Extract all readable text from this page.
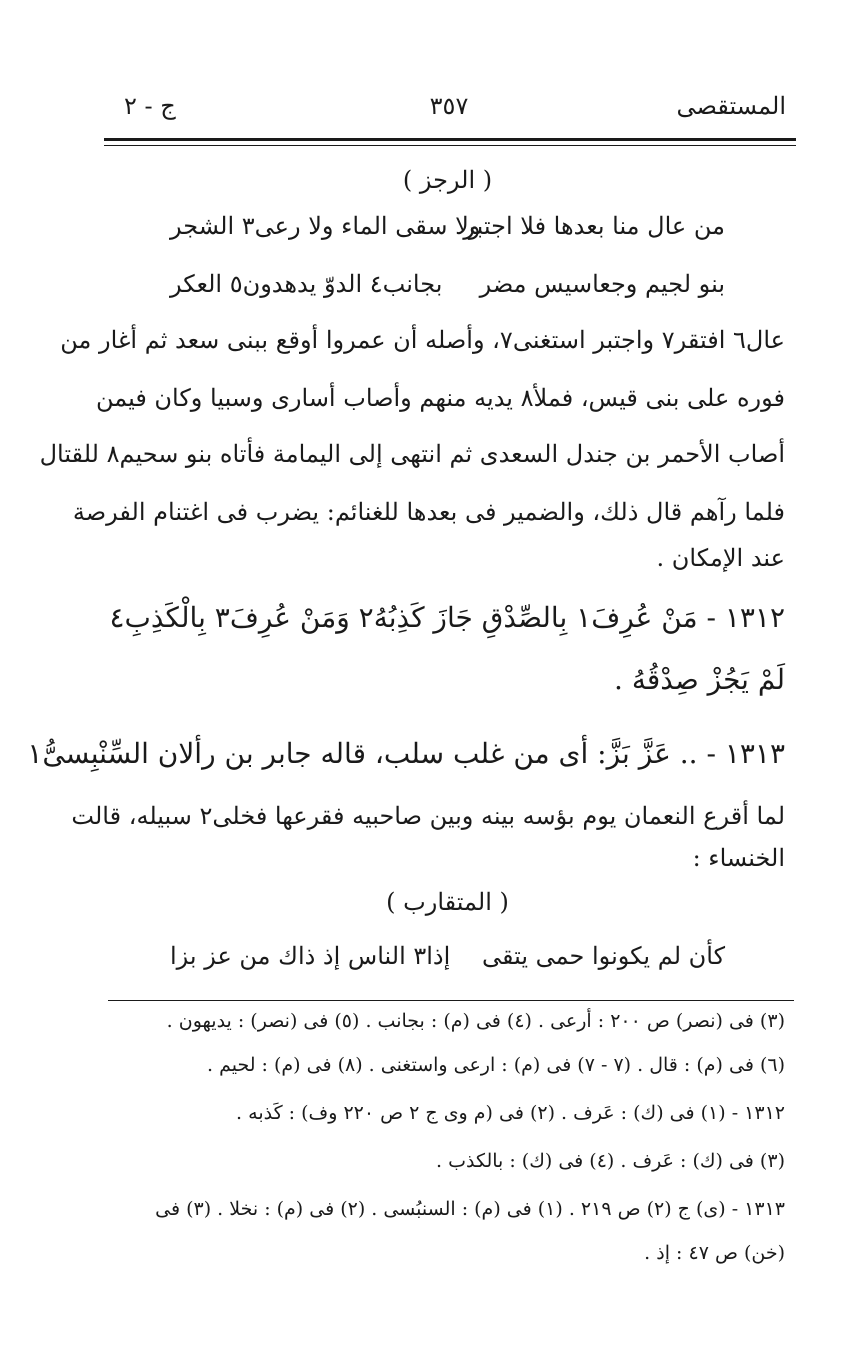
المستقصى
٣٥٧
ج - ٢
( الرجز )
من عال منا بعدها فلا اجتبر
ولا سقى الماء ولا رعى٣ الشجر
بنو لجيم وجعاسيس مضر
بجانب٤ الدوّ يدهدون٥ العكر
عال٦ افتقر٧ واجتبر استغنى٧، وأصله أن عمروا أوقع ببنى سعد ثم أغار من
فوره على بنى قيس، فملأ٨ يديه منهم وأصاب أسارى وسبيا وكان فيمن
أصاب الأحمر بن جندل السعدى ثم انتهى إلى اليمامة فأتاه بنو سحيم٨ للقتال
فلما رآهم قال ذلك، والضمير فى بعدها للغنائم: يضرب فى اغتنام الفرصة
عند الإمكان .
١٣١٢ - مَنْ عُرِفَ١ بِالصِّدْقِ جَازَ كَذِبُهُ٢ وَمَنْ عُرِفَ٣ بِالْكَذِبِ٤
لَمْ يَجُزْ صِدْقُهُ .
١٣١٣ - .. عَزَّ بَزَّ: أى من غلب سلب، قاله جابر بن رألان السِّنْبِسىُّ١
لما أقرع النعمان يوم بؤسه بينه وبين صاحبيه فقرعها فخلى٢ سبيله، قالت
الخنساء :
( المتقارب )
كأن لم يكونوا حمى يتقى
إذا٣ الناس إذ ذاك من عز بزا
(٣) فى (نصر) ص ٢٠٠ : أرعى . (٤) فى (م) : بجانب . (٥) فى (نصر) : يديهون .
(٦) فى (م) : قال . (٧ - ٧) فى (م) : ارعى واستغنى . (٨) فى (م) : لحيم .
١٣١٢ - (١) فى (ك) : عَرف . (٢) فى (م وى ج ٢ ص ٢٢٠ وف) : كَذبه .
(٣) فى (ك) : عَرف . (٤) فى (ك) : بالكذب .
١٣١٣ - (ى) ج (٢) ص ٢١٩ . (١) فى (م) : السنبُسى . (٢) فى (م) : نخلا . (٣) فى
(خن) ص ٤٧ : إذ .
